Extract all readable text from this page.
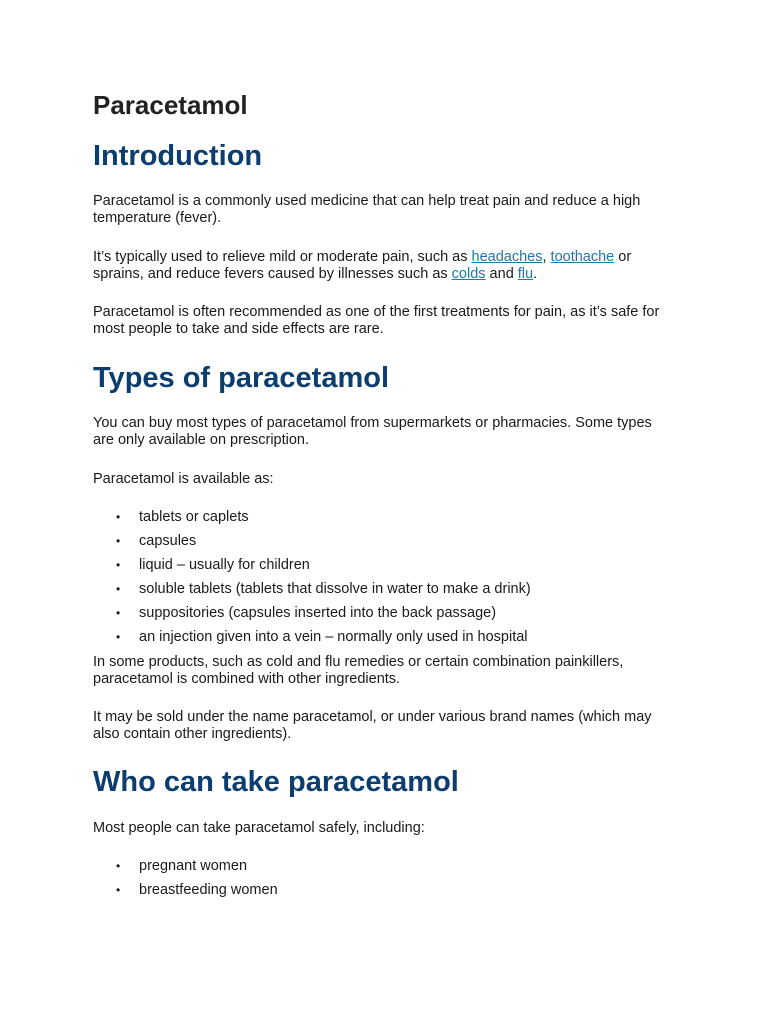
Paracetamol
Introduction

Paracetamol is a commonly used medicine that can help treat pain and reduce a high temperature (fever).

It’s typically used to relieve mild or moderate pain, such as headaches, toothache or sprains, and reduce fevers caused by illnesses such as colds and flu.

Paracetamol is often recommended as one of the first treatments for pain, as it’s safe for most people to take and side effects are rare.

Types of paracetamol

You can buy most types of paracetamol from supermarkets or pharmacies. Some types are only available on prescription.

Paracetamol is available as:

• tablets or caplets
• capsules
• liquid – usually for children
• soluble tablets (tablets that dissolve in water to make a drink)
• suppositories (capsules inserted into the back passage)
• an injection given into a vein – normally only used in hospital

In some products, such as cold and flu remedies or certain combination painkillers, paracetamol is combined with other ingredients.

It may be sold under the name paracetamol, or under various brand names (which may also contain other ingredients).

Who can take paracetamol

Most people can take paracetamol safely, including:

• pregnant women
• breastfeeding women
